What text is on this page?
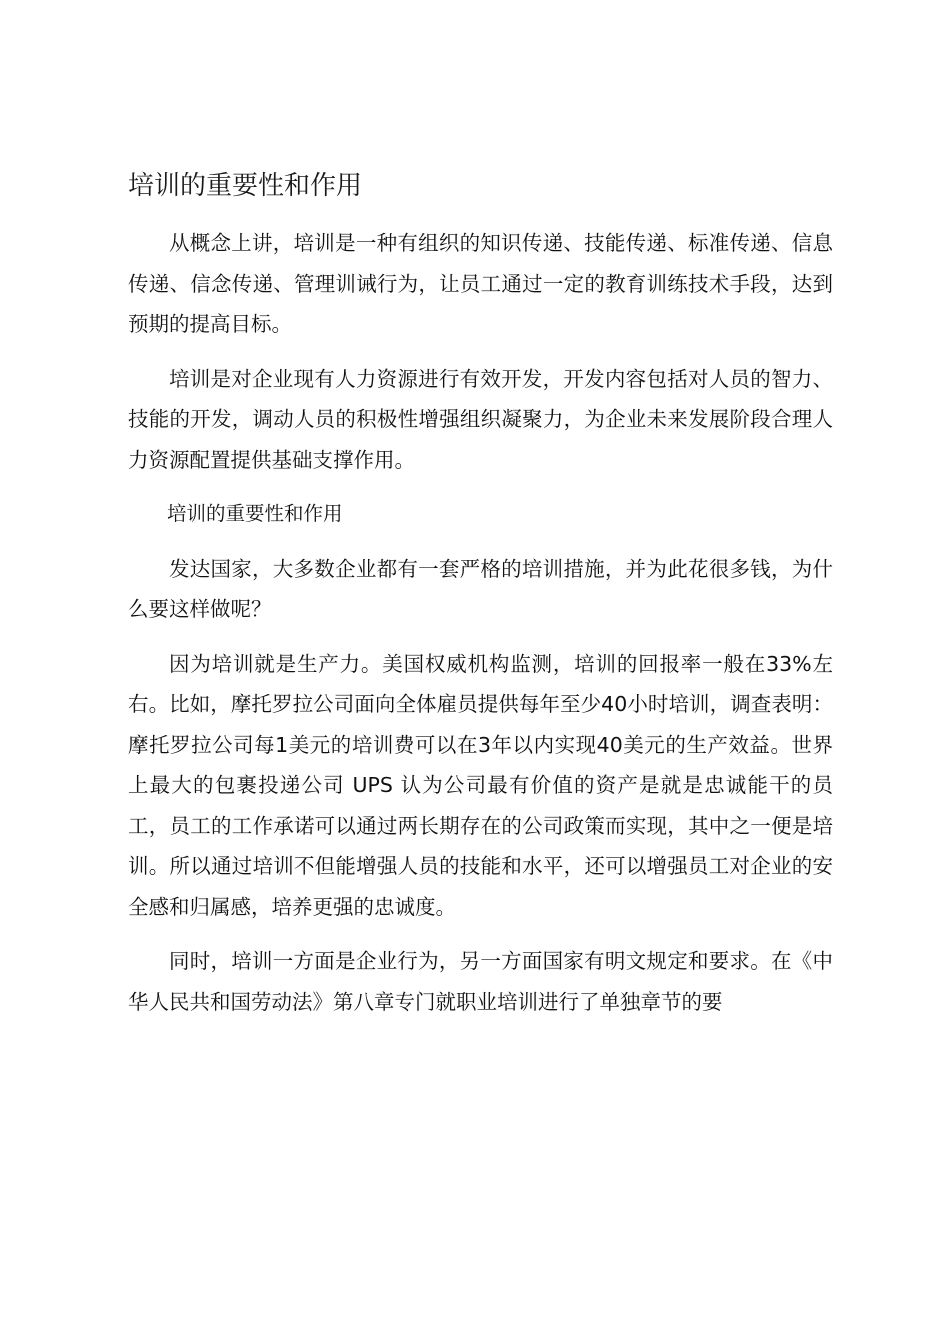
培训的重要性和作用

从概念上讲，培训是一种有组织的知识传递、技能传递、标准传递、信息传递、信念传递、管理训诫行为，让员工通过一定的教育训练技术手段，达到预期的提高目标。

培训是对企业现有人力资源进行有效开发，开发内容包括对人员的智力、技能的开发，调动人员的积极性增强组织凝聚力，为企业未来发展阶段合理人力资源配置提供基础支撑作用。

培训的重要性和作用

发达国家，大多数企业都有一套严格的培训措施，并为此花很多钱，为什么要这样做呢？

因为培训就是生产力。美国权威机构监测，培训的回报率一般在33%左右。比如，摩托罗拉公司面向全体雇员提供每年至少40小时培训，调查表明：摩托罗拉公司每1美元的培训费可以在3年以内实现40美元的生产效益。世界上最大的包裹投递公司 UPS 认为公司最有价值的资产是就是忠诚能干的员工，员工的工作承诺可以通过两长期存在的公司政策而实现，其中之一便是培训。所以通过培训不但能增强人员的技能和水平，还可以增强员工对企业的安全感和归属感，培养更强的忠诚度。

同时，培训一方面是企业行为，另一方面国家有明文规定和要求。在《中华人民共和国劳动法》第八章专门就职业培训进行了单独章节的要
